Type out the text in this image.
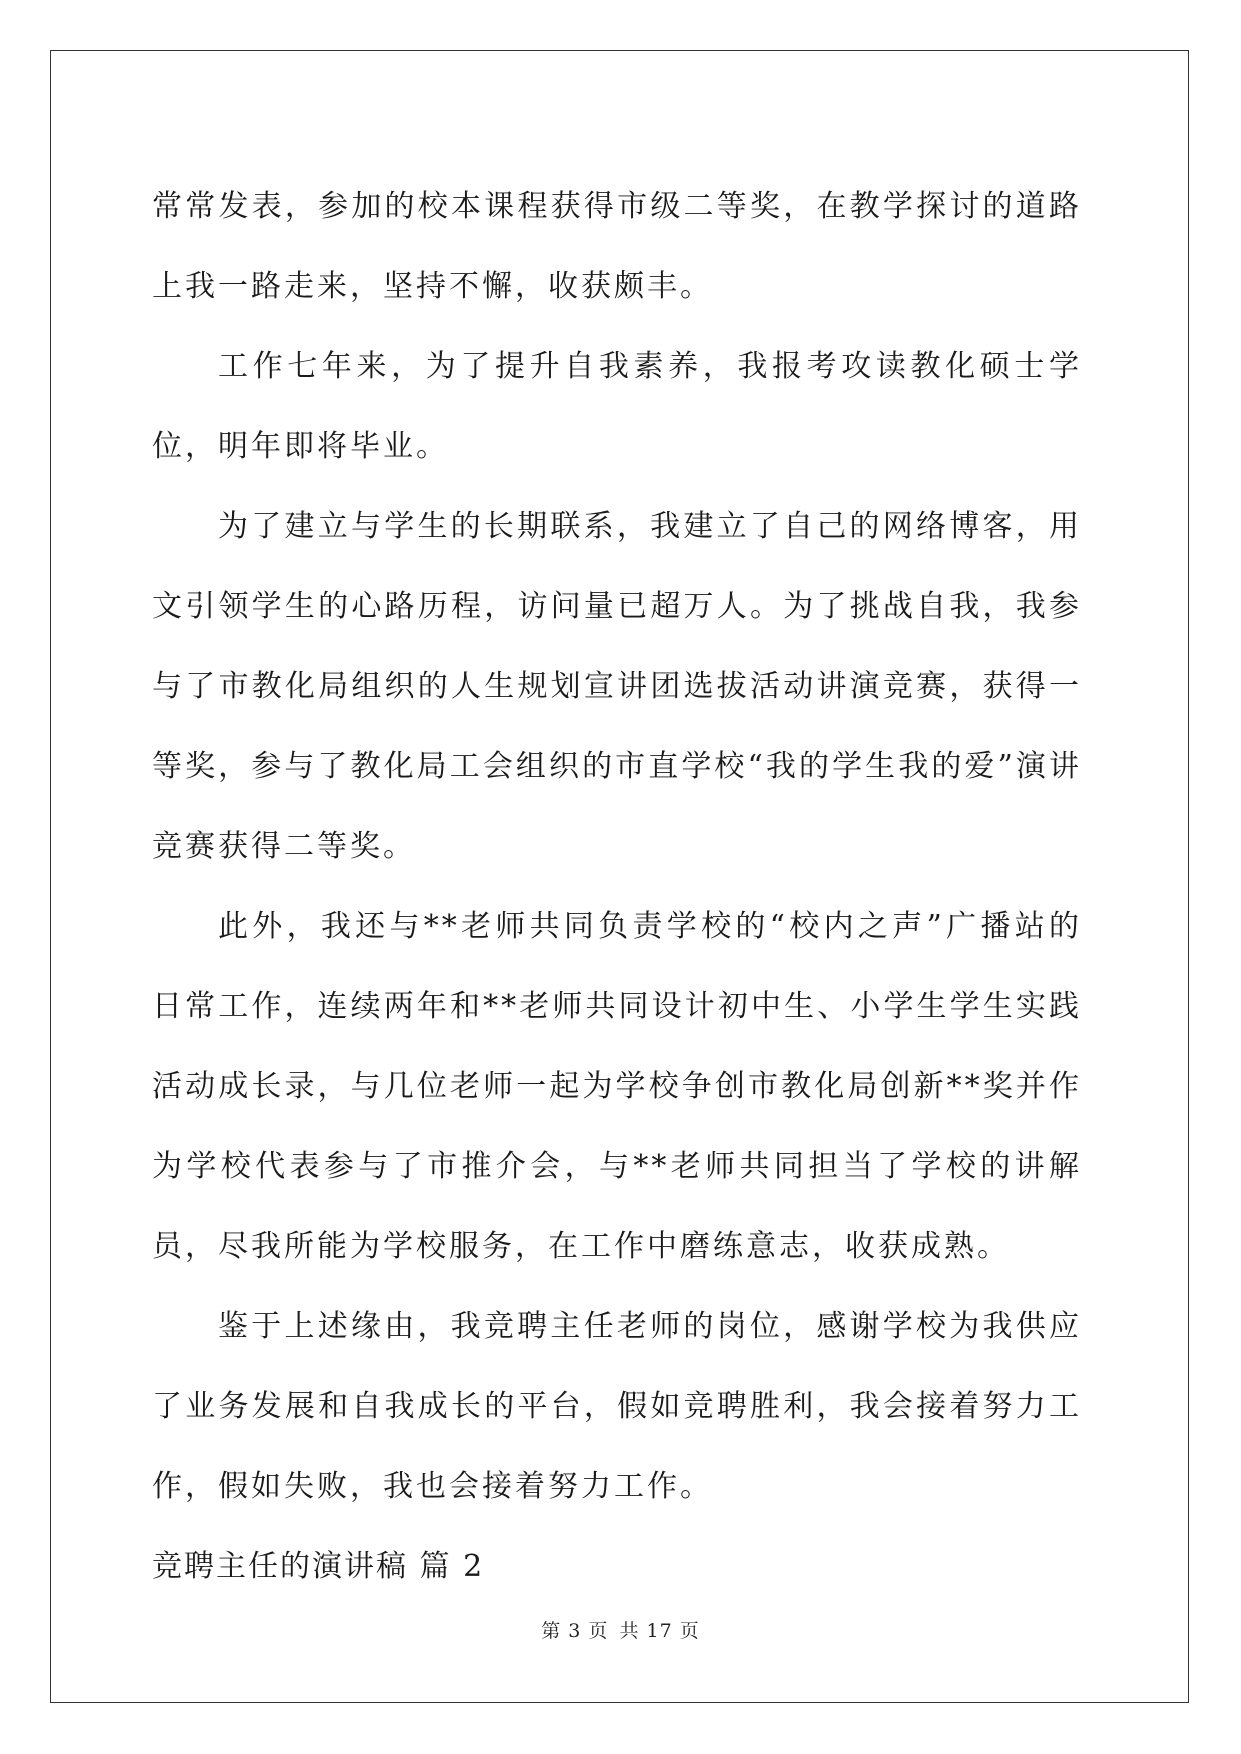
常常发表，参加的校本课程获得市级二等奖，在教学探讨的道路上我一路走来，坚持不懈，收获颇丰。

工作七年来，为了提升自我素养，我报考攻读教化硕士学位，明年即将毕业。

为了建立与学生的长期联系，我建立了自己的网络博客，用文引领学生的心路历程，访问量已超万人。为了挑战自我，我参与了市教化局组织的人生规划宣讲团选拔活动讲演竞赛，获得一等奖，参与了教化局工会组织的市直学校“我的学生我的爱”演讲竞赛获得二等奖。

此外，我还与**老师共同负责学校的“校内之声”广播站的日常工作，连续两年和**老师共同设计初中生、小学生学生实践活动成长录，与几位老师一起为学校争创市教化局创新**奖并作为学校代表参与了市推介会，与**老师共同担当了学校的讲解员，尽我所能为学校服务，在工作中磨练意志，收获成熟。

鉴于上述缘由，我竞聘主任老师的岗位，感谢学校为我供应了业务发展和自我成长的平台，假如竞聘胜利，我会接着努力工作，假如失败，我也会接着努力工作。

竞聘主任的演讲稿 篇 2

第 3 页 共 17 页
